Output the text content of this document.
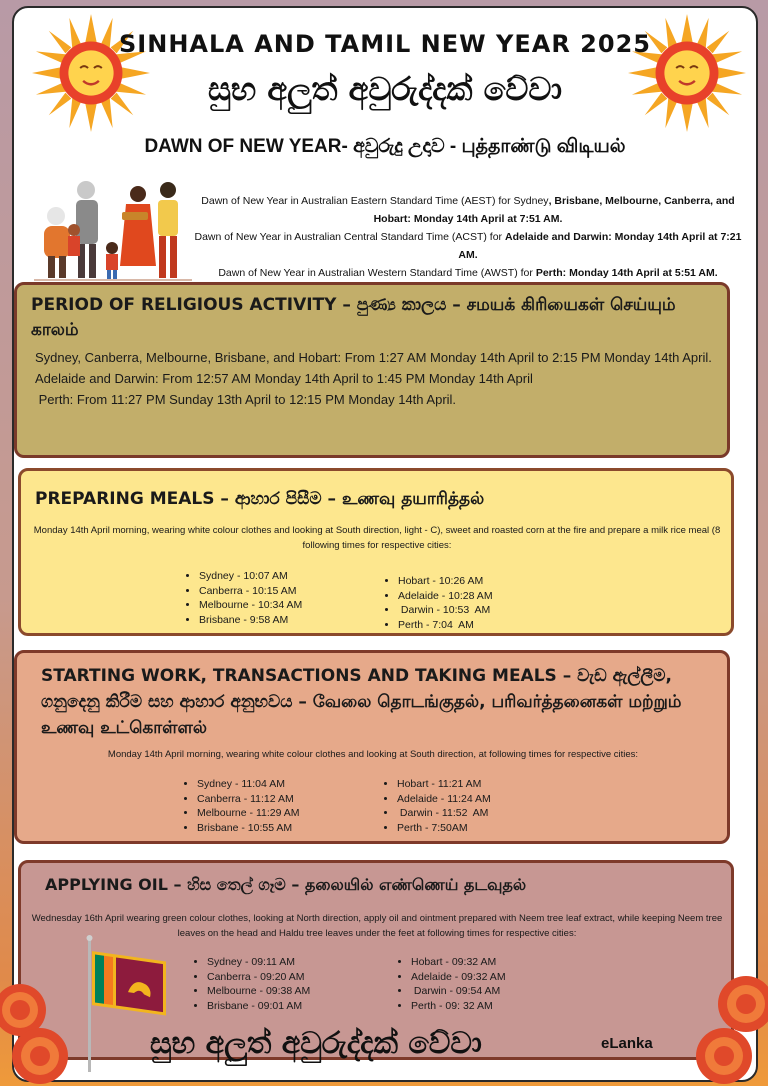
SINHALA AND TAMIL NEW YEAR 2025
සුභ අලුත් අවුරුද්දක් වේවා
DAWN OF NEW YEAR- අවුරුදු උදාව - புத்தாண்டு விடியல்
Dawn of New Year in Australian Eastern Standard Time (AEST) for Sydney, Brisbane, Melbourne, Canberra, and Hobart: Monday 14th April at 7:51 AM.
Dawn of New Year in Australian Central Standard Time (ACST) for Adelaide and Darwin: Monday 14th April at 7:21 AM.
Dawn of New Year in Australian Western Standard Time (AWST) for Perth: Monday 14th April at 5:51 AM.
PERIOD OF RELIGIOUS ACTIVITY – පුණ්‍ය කාලය – சமயக் கிரியைகள் செய்யும் காலம்
Sydney, Canberra, Melbourne, Brisbane, and Hobart: From 1:27 AM Monday 14th April to 2:15 PM Monday 14th April.
Adelaide and Darwin: From 12:57 AM Monday 14th April to 1:45 PM Monday 14th April
Perth: From 11:27 PM Sunday 13th April to 12:15 PM Monday 14th April.
PREPARING MEALS – ආහාර පිසීම – உணவு தயாரித்தல்
Monday 14th April morning, wearing white colour clothes and looking at South direction, light - C), sweet and roasted corn at the fire and prepare a milk rice meal (8 following times for respective cities:
• Sydney - 10:07 AM
• Canberra - 10:15 AM
• Melbourne - 10:34 AM
• Brisbane - 9:58 AM
• Hobart - 10:26 AM
• Adelaide - 10:28 AM
•  Darwin - 10:53  AM
• Perth - 7:04  AM
STARTING WORK, TRANSACTIONS AND TAKING MEALS – වැඩ ඇල්ලීම, ගනුදෙනු කිරීම සහ ආහාර අනුභවය – வேலை தொடங்குதல், பரிவர்த்தனைகள் மற்றும் உணவு உட்கொள்ளல்
Monday 14th April morning, wearing white colour clothes and looking at South direction, at following times for respective cities:
• Sydney - 11:04 AM
• Canberra - 11:12 AM
• Melbourne - 11:29 AM
• Brisbane - 10:55 AM
• Hobart - 11:21 AM
• Adelaide - 11:24 AM
•  Darwin - 11:52  AM
• Perth - 7:50AM
APPLYING OIL – හිස තෙල් ගෑම – தலையில் எண்ணெய் தடவுதல்
Wednesday 16th April wearing green colour clothes, looking at North direction, apply oil and ointment prepared with Neem tree leaf extract, while keeping Neem tree leaves on the head and Haldu tree leaves under the feet at following times for respective cities:
• Sydney - 09:11 AM
• Canberra - 09:20 AM
• Melbourne - 09:38 AM
• Brisbane - 09:01 AM
• Hobart - 09:32 AM
• Adelaide - 09:32 AM
•  Darwin - 09:54 AM
• Perth - 09: 32 AM
සුභ අලුත් අවුරුද්දක් වේවා	eLanka
